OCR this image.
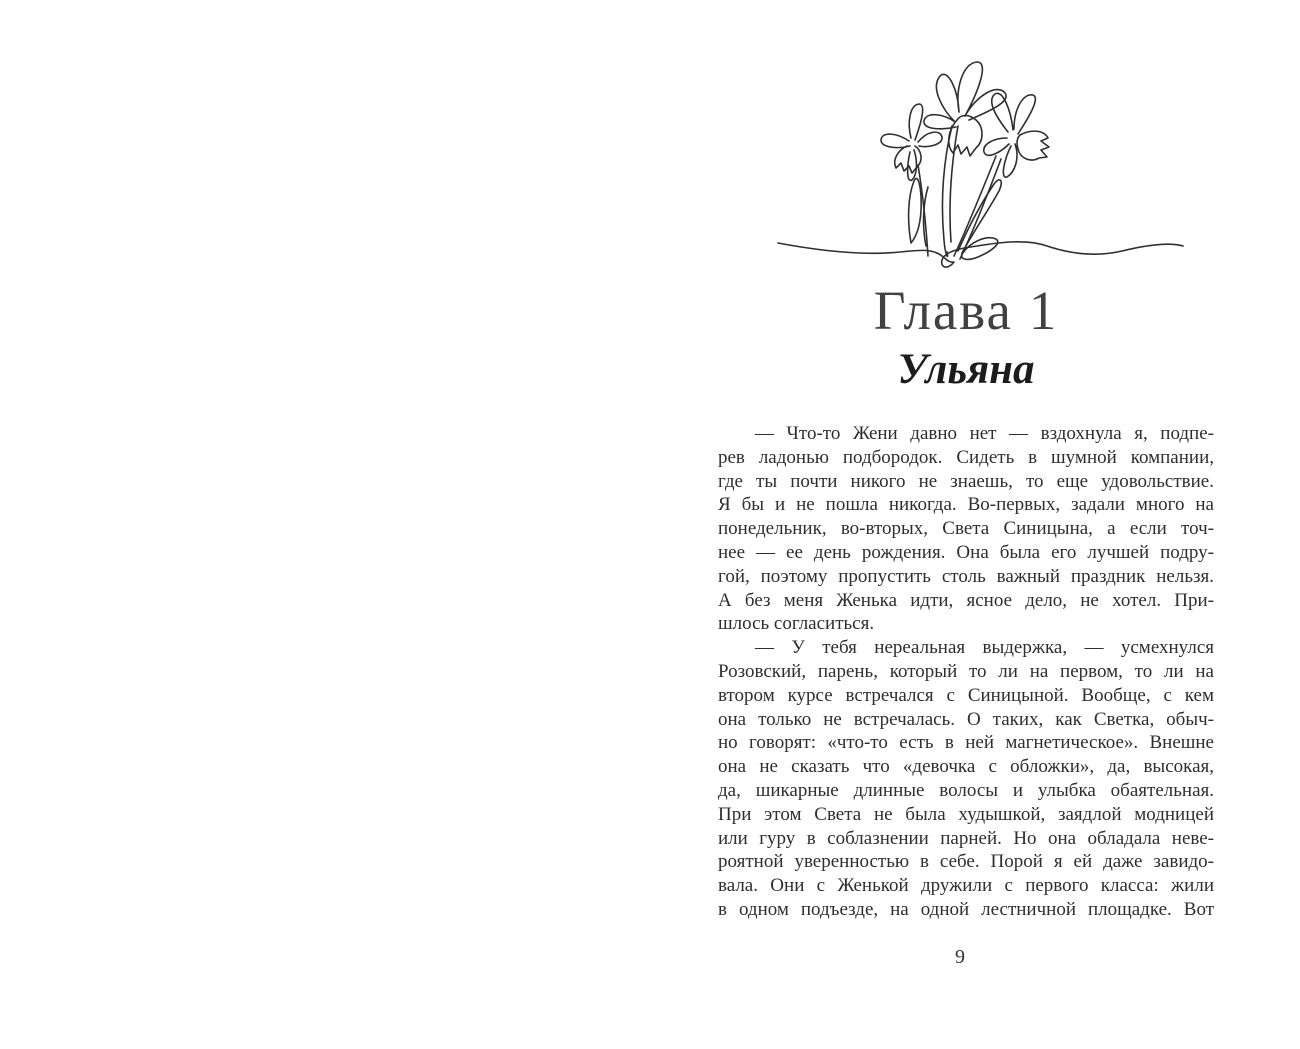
Глава 1
Ульяна
— Что-то Жени давно нет — вздохнула я, подпе-
рев ладонью подбородок. Сидеть в шумной компании,
где ты почти никого не знаешь, то еще удовольствие.
Я бы и не пошла никогда. Во-первых, задали много на
понедельник, во-вторых, Света Синицына, а если точ-
нее — ее день рождения. Она была его лучшей подру-
гой, поэтому пропустить столь важный праздник нельзя.
А без меня Женька идти, ясное дело, не хотел. При-
шлось согласиться.
— У тебя нереальная выдержка, — усмехнулся
Розовский, парень, который то ли на первом, то ли на
втором курсе встречался с Синицыной. Вообще, с кем
она только не встречалась. О таких, как Светка, обыч-
но говорят: «что-то есть в ней магнетическое». Внешне
она не сказать что «девочка с обложки», да, высокая,
да, шикарные длинные волосы и улыбка обаятельная.
При этом Света не была худышкой, заядлой модницей
или гуру в соблазнении парней. Но она обладала неве-
роятной уверенностью в себе. Порой я ей даже завидо-
вала. Они с Женькой дружили с первого класса: жили
в одном подъезде, на одной лестничной площадке. Вот
9
